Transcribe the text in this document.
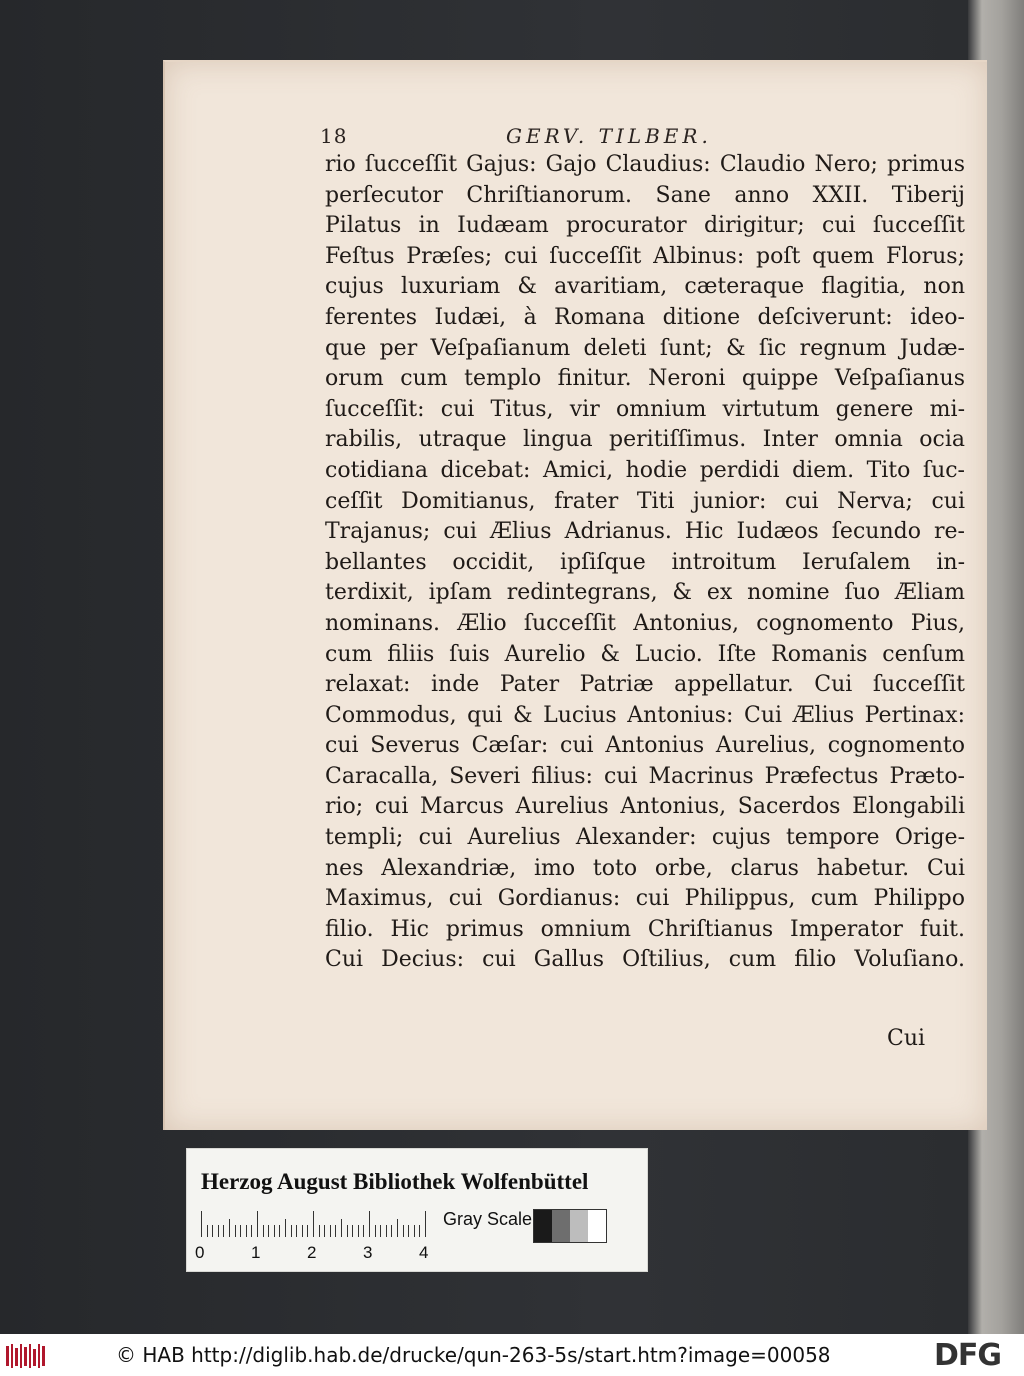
18	GERV. TILBER.
rio ſucceſſit Gajus: Gajo Claudius: Claudio Nero; primus
perſecutor Chriſtianorum. Sane anno XXII. Tiberij
Pilatus in Iudæam procurator dirigitur; cui ſucceſſit
Feſtus Præſes; cui ſucceſſit Albinus: poſt quem Florus;
cujus luxuriam & avaritiam, cæteraque flagitia, non
ferentes Iudæi, à Romana ditione deſciverunt: ideo-
que per Veſpaſianum deleti ſunt; & ſic regnum Judæ-
orum cum templo finitur. Neroni quippe Veſpaſianus
ſucceſſit: cui Titus, vir omnium virtutum genere mi-
rabilis, utraque lingua peritiſſimus. Inter omnia ocia
cotidiana dicebat: Amici, hodie perdidi diem. Tito ſuc-
ceſſit Domitianus, frater Titi junior: cui Nerva; cui
Trajanus; cui Ælius Adrianus. Hic Iudæos ſecundo re-
bellantes occidit, ipſiſque introitum Ieruſalem in-
terdixit, ipſam redintegrans, & ex nomine ſuo Æliam
nominans. Ælio ſucceſſit Antonius, cognomento Pius,
cum filiis ſuis Aurelio & Lucio. Iſte Romanis cenſum
relaxat: inde Pater Patriæ appellatur. Cui ſucceſſit
Commodus, qui & Lucius Antonius: Cui Ælius Pertinax:
cui Severus Cæſar: cui Antonius Aurelius, cognomento
Caracalla, Severi filius: cui Macrinus Præfectus Præto-
rio; cui Marcus Aurelius Antonius, Sacerdos Elongabili
templi; cui Aurelius Alexander: cujus tempore Orige-
nes Alexandriæ, imo toto orbe, clarus habetur. Cui
Maximus, cui Gordianus: cui Philippus, cum Philippo
filio. Hic primus omnium Chriſtianus Imperator fuit.
Cui Decius: cui Gallus Oſtilius, cum filio Voluſiano.
Cui
Herzog August Bibliothek Wolfenbüttel
0	1	2	3	4
Gray Scale
© HAB http://diglib.hab.de/drucke/qun-263-5s/start.htm?image=00058	DFG
